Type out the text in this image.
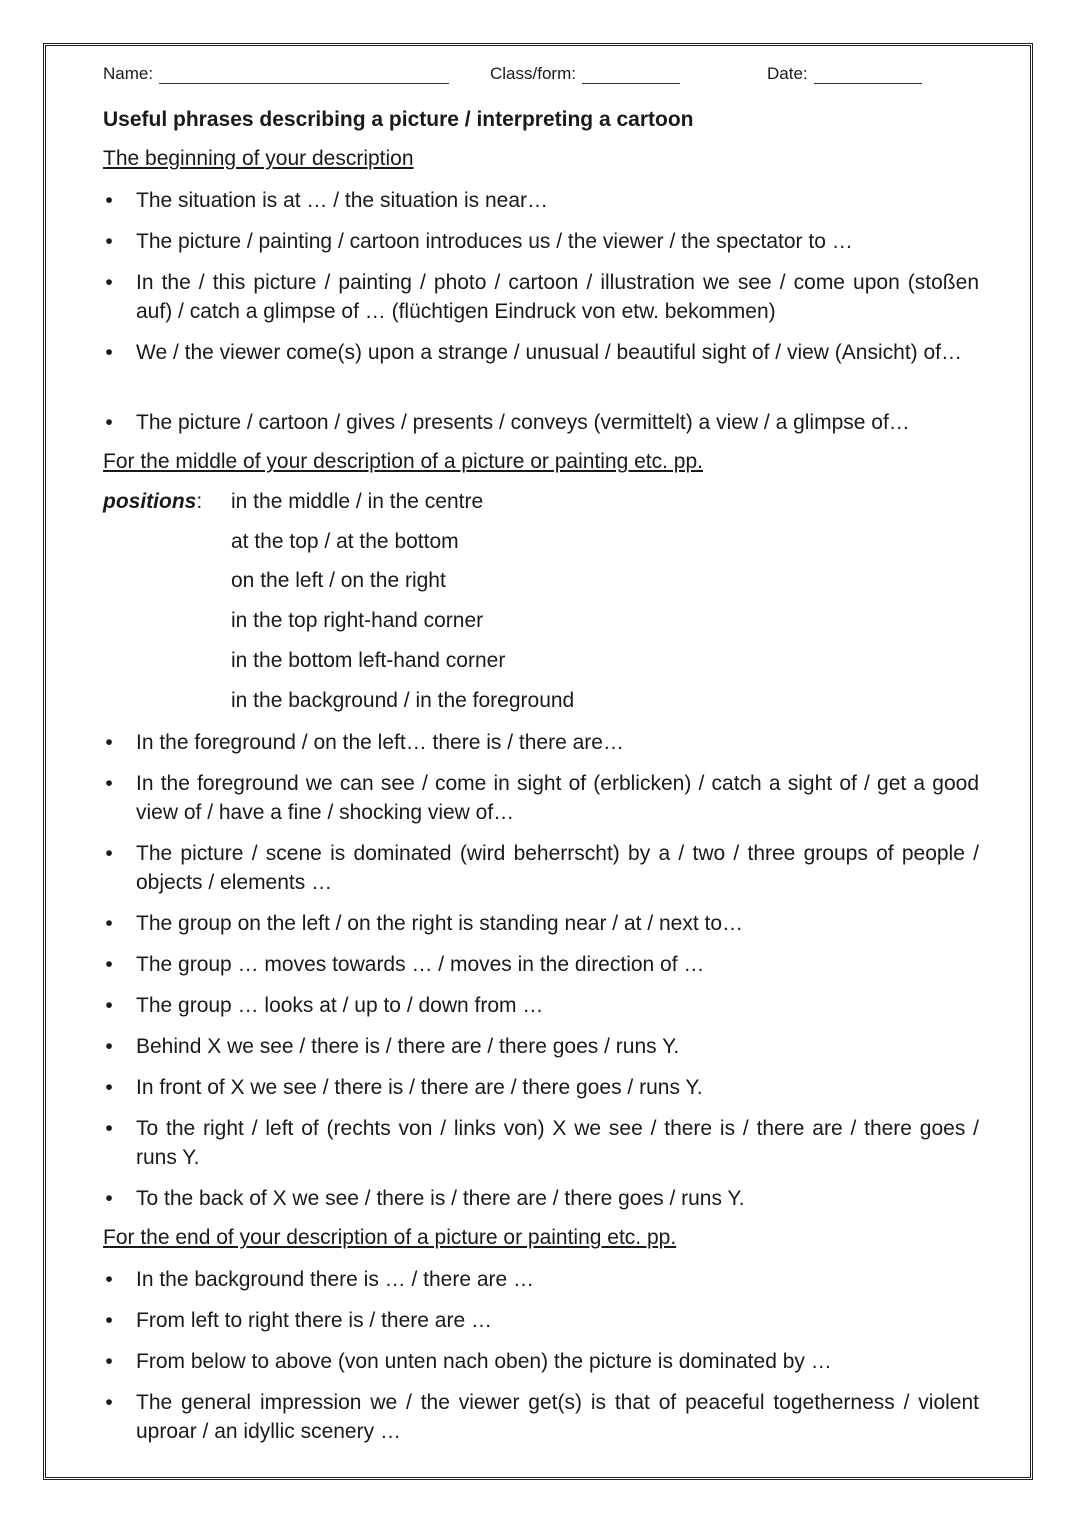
Name:	Class/form:	Date:
Useful phrases describing a picture / interpreting a cartoon
The beginning of your description
• The situation is at … / the situation is near…
• The picture / painting / cartoon introduces us / the viewer / the spectator to …
• In the / this picture / painting / photo / cartoon / illustration we see / come upon (stoßen auf) / catch a glimpse of … (flüchtigen Eindruck von etw. bekommen)
• We / the viewer come(s) upon a strange / unusual / beautiful sight of / view (Ansicht) of…
• The picture / cartoon / gives / presents / conveys (vermittelt) a view / a glimpse of…
For the middle of your description of a picture or painting etc. pp.
positions: in the middle / in the centre
at the top / at the bottom
on the left / on the right
in the top right-hand corner
in the bottom left-hand corner
in the background / in the foreground
• In the foreground / on the left… there is / there are…
• In the foreground we can see / come in sight of (erblicken) / catch a sight of / get a good view of / have a fine / shocking view of…
• The picture / scene is dominated (wird beherrscht) by a / two / three groups of people / objects / elements …
• The group on the left / on the right is standing near / at / next to…
• The group … moves towards … / moves in the direction of …
• The group … looks at / up to / down from …
• Behind X we see / there is / there are / there goes / runs Y.
• In front of X we see / there is / there are / there goes / runs Y.
• To the right / left of (rechts von / links von) X we see / there is / there are / there goes / runs Y.
• To the back of X we see / there is / there are / there goes / runs Y.
For the end of your description of a picture or painting etc. pp.
• In the background there is … / there are …
• From left to right there is / there are …
• From below to above (von unten nach oben) the picture is dominated by …
• The general impression we / the viewer get(s) is that of peaceful togetherness / violent uproar / an idyllic scenery …
